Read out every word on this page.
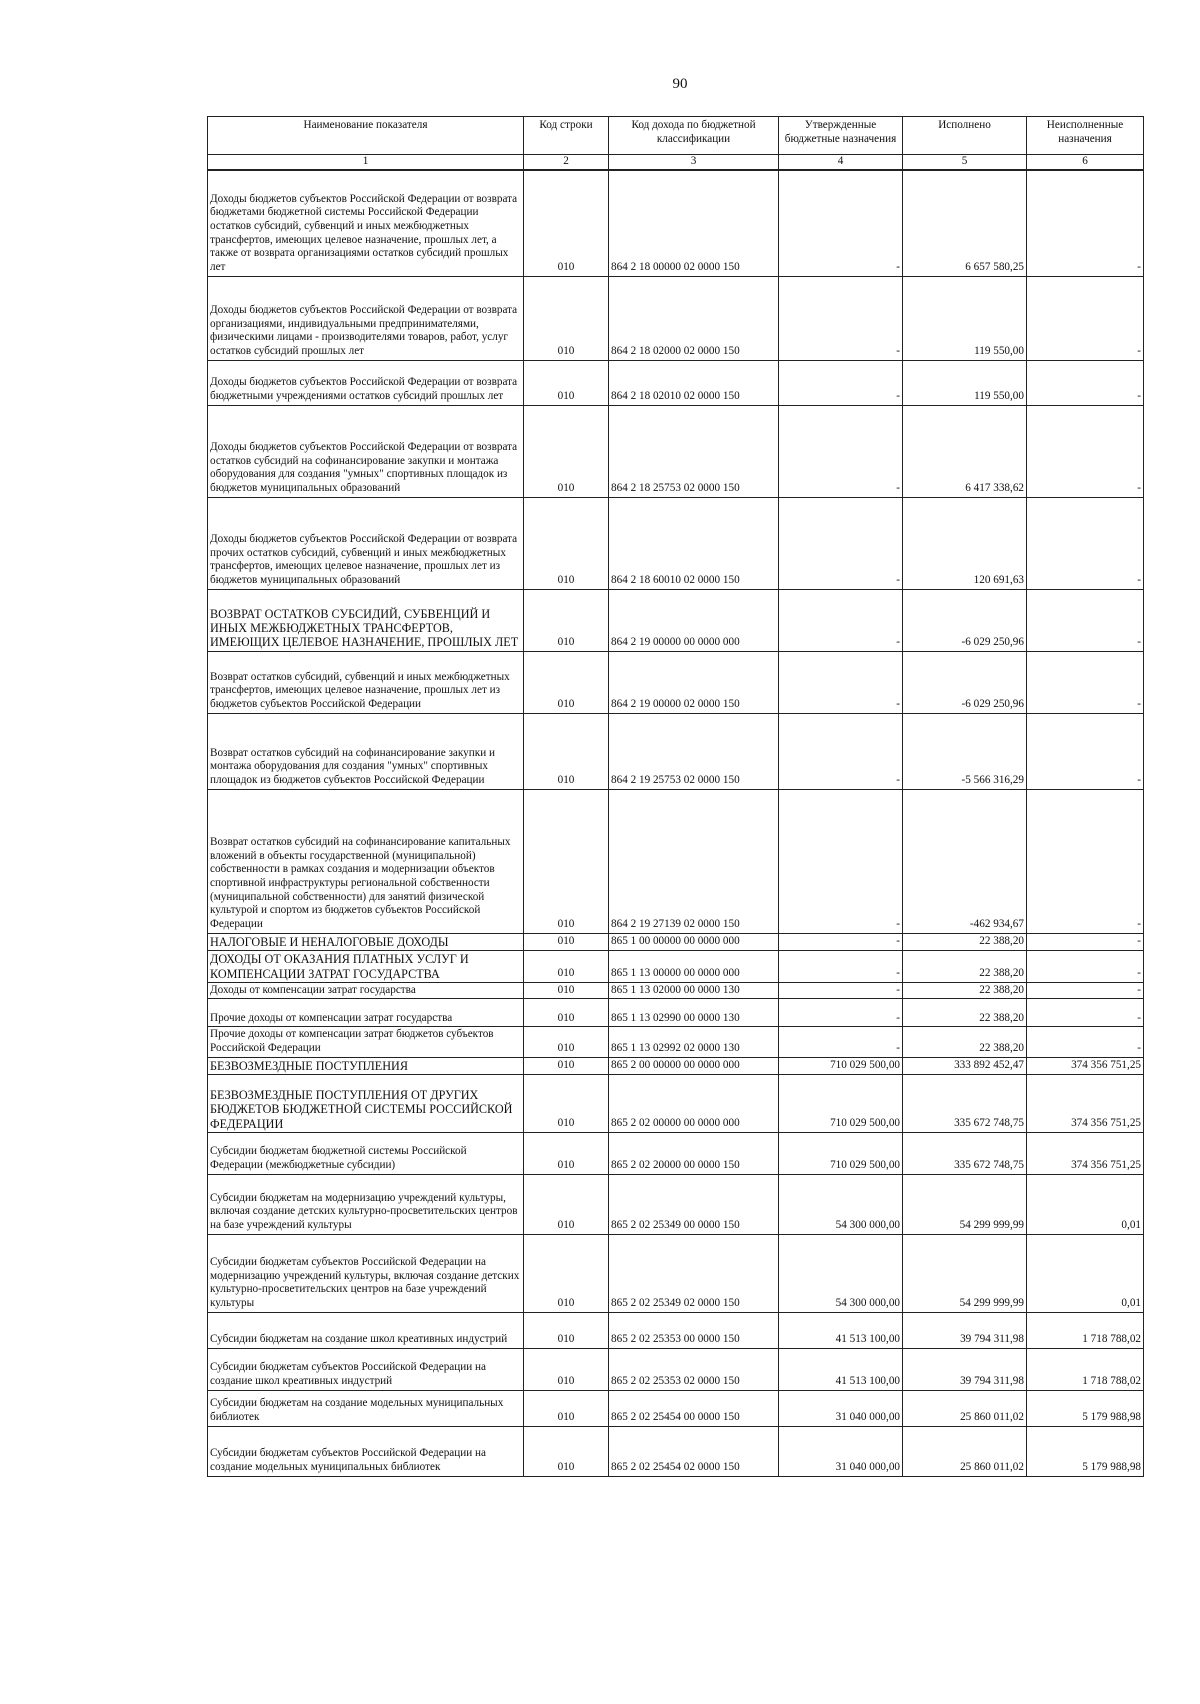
90
Наименование показателя	Код строки	Код дохода по бюджетной классификации	Утвержденные бюджетные назначения	Исполнено	Неисполненные назначения
1	2	3	4	5	6
Доходы бюджетов субъектов Российской Федерации от возврата бюджетами бюджетной системы Российской Федерации остатков субсидий, субвенций и иных межбюджетных трансфертов, имеющих целевое назначение, прошлых лет, а также от возврата организациями остатков субсидий прошлых лет	010	864 2 18 00000 02 0000 150	-	6 657 580,25	-
Доходы бюджетов субъектов Российской Федерации от возврата организациями, индивидуальными предпринимателями, физическими лицами - производителями товаров, работ, услуг остатков субсидий прошлых лет	010	864 2 18 02000 02 0000 150	-	119 550,00	-
Доходы бюджетов субъектов Российской Федерации от возврата бюджетными учреждениями остатков субсидий прошлых лет	010	864 2 18 02010 02 0000 150	-	119 550,00	-
Доходы бюджетов субъектов Российской Федерации от возврата остатков субсидий на софинансирование закупки и монтажа оборудования для создания "умных" спортивных площадок из бюджетов муниципальных образований	010	864 2 18 25753 02 0000 150	-	6 417 338,62	-
Доходы бюджетов субъектов Российской Федерации от возврата прочих остатков субсидий, субвенций и иных межбюджетных трансфертов, имеющих целевое назначение, прошлых лет из бюджетов муниципальных образований	010	864 2 18 60010 02 0000 150	-	120 691,63	-
ВОЗВРАТ ОСТАТКОВ СУБСИДИЙ, СУБВЕНЦИЙ И ИНЫХ МЕЖБЮДЖЕТНЫХ ТРАНСФЕРТОВ, ИМЕЮЩИХ ЦЕЛЕВОЕ НАЗНАЧЕНИЕ, ПРОШЛЫХ ЛЕТ	010	864 2 19 00000 00 0000 000	-	-6 029 250,96	-
Возврат остатков субсидий, субвенций и иных межбюджетных трансфертов, имеющих целевое назначение, прошлых лет из бюджетов субъектов Российской Федерации	010	864 2 19 00000 02 0000 150	-	-6 029 250,96	-
Возврат остатков субсидий на софинансирование закупки и монтажа оборудования для создания "умных" спортивных площадок из бюджетов субъектов Российской Федерации	010	864 2 19 25753 02 0000 150	-	-5 566 316,29	-
Возврат остатков субсидий на софинансирование капитальных вложений в объекты государственной (муниципальной) собственности в рамках создания и модернизации объектов спортивной инфраструктуры региональной собственности (муниципальной собственности) для занятий физической культурой и спортом из бюджетов субъектов Российской Федерации	010	864 2 19 27139 02 0000 150	-	-462 934,67	-
НАЛОГОВЫЕ И НЕНАЛОГОВЫЕ ДОХОДЫ	010	865 1 00 00000 00 0000 000	-	22 388,20	-
ДОХОДЫ ОТ ОКАЗАНИЯ ПЛАТНЫХ УСЛУГ И КОМПЕНСАЦИИ ЗАТРАТ ГОСУДАРСТВА	010	865 1 13 00000 00 0000 000	-	22 388,20	-
Доходы от компенсации затрат государства	010	865 1 13 02000 00 0000 130	-	22 388,20	-
Прочие доходы от компенсации затрат государства	010	865 1 13 02990 00 0000 130	-	22 388,20	-
Прочие доходы от компенсации затрат бюджетов субъектов Российской Федерации	010	865 1 13 02992 02 0000 130	-	22 388,20	-
БЕЗВОЗМЕЗДНЫЕ ПОСТУПЛЕНИЯ	010	865 2 00 00000 00 0000 000	710 029 500,00	333 892 452,47	374 356 751,25
БЕЗВОЗМЕЗДНЫЕ ПОСТУПЛЕНИЯ ОТ ДРУГИХ БЮДЖЕТОВ БЮДЖЕТНОЙ СИСТЕМЫ РОССИЙСКОЙ ФЕДЕРАЦИИ	010	865 2 02 00000 00 0000 000	710 029 500,00	335 672 748,75	374 356 751,25
Субсидии бюджетам бюджетной системы Российской Федерации (межбюджетные субсидии)	010	865 2 02 20000 00 0000 150	710 029 500,00	335 672 748,75	374 356 751,25
Субсидии бюджетам на модернизацию учреждений культуры, включая создание детских культурно-просветительских центров на базе учреждений культуры	010	865 2 02 25349 00 0000 150	54 300 000,00	54 299 999,99	0,01
Субсидии бюджетам субъектов Российской Федерации на модернизацию учреждений культуры, включая создание детских культурно-просветительских центров на базе учреждений культуры	010	865 2 02 25349 02 0000 150	54 300 000,00	54 299 999,99	0,01
Субсидии бюджетам на создание школ креативных индустрий	010	865 2 02 25353 00 0000 150	41 513 100,00	39 794 311,98	1 718 788,02
Субсидии бюджетам субъектов Российской Федерации на создание школ креативных индустрий	010	865 2 02 25353 02 0000 150	41 513 100,00	39 794 311,98	1 718 788,02
Субсидии бюджетам на создание модельных муниципальных библиотек	010	865 2 02 25454 00 0000 150	31 040 000,00	25 860 011,02	5 179 988,98
Субсидии бюджетам субъектов Российской Федерации на создание модельных муниципальных библиотек	010	865 2 02 25454 02 0000 150	31 040 000,00	25 860 011,02	5 179 988,98
